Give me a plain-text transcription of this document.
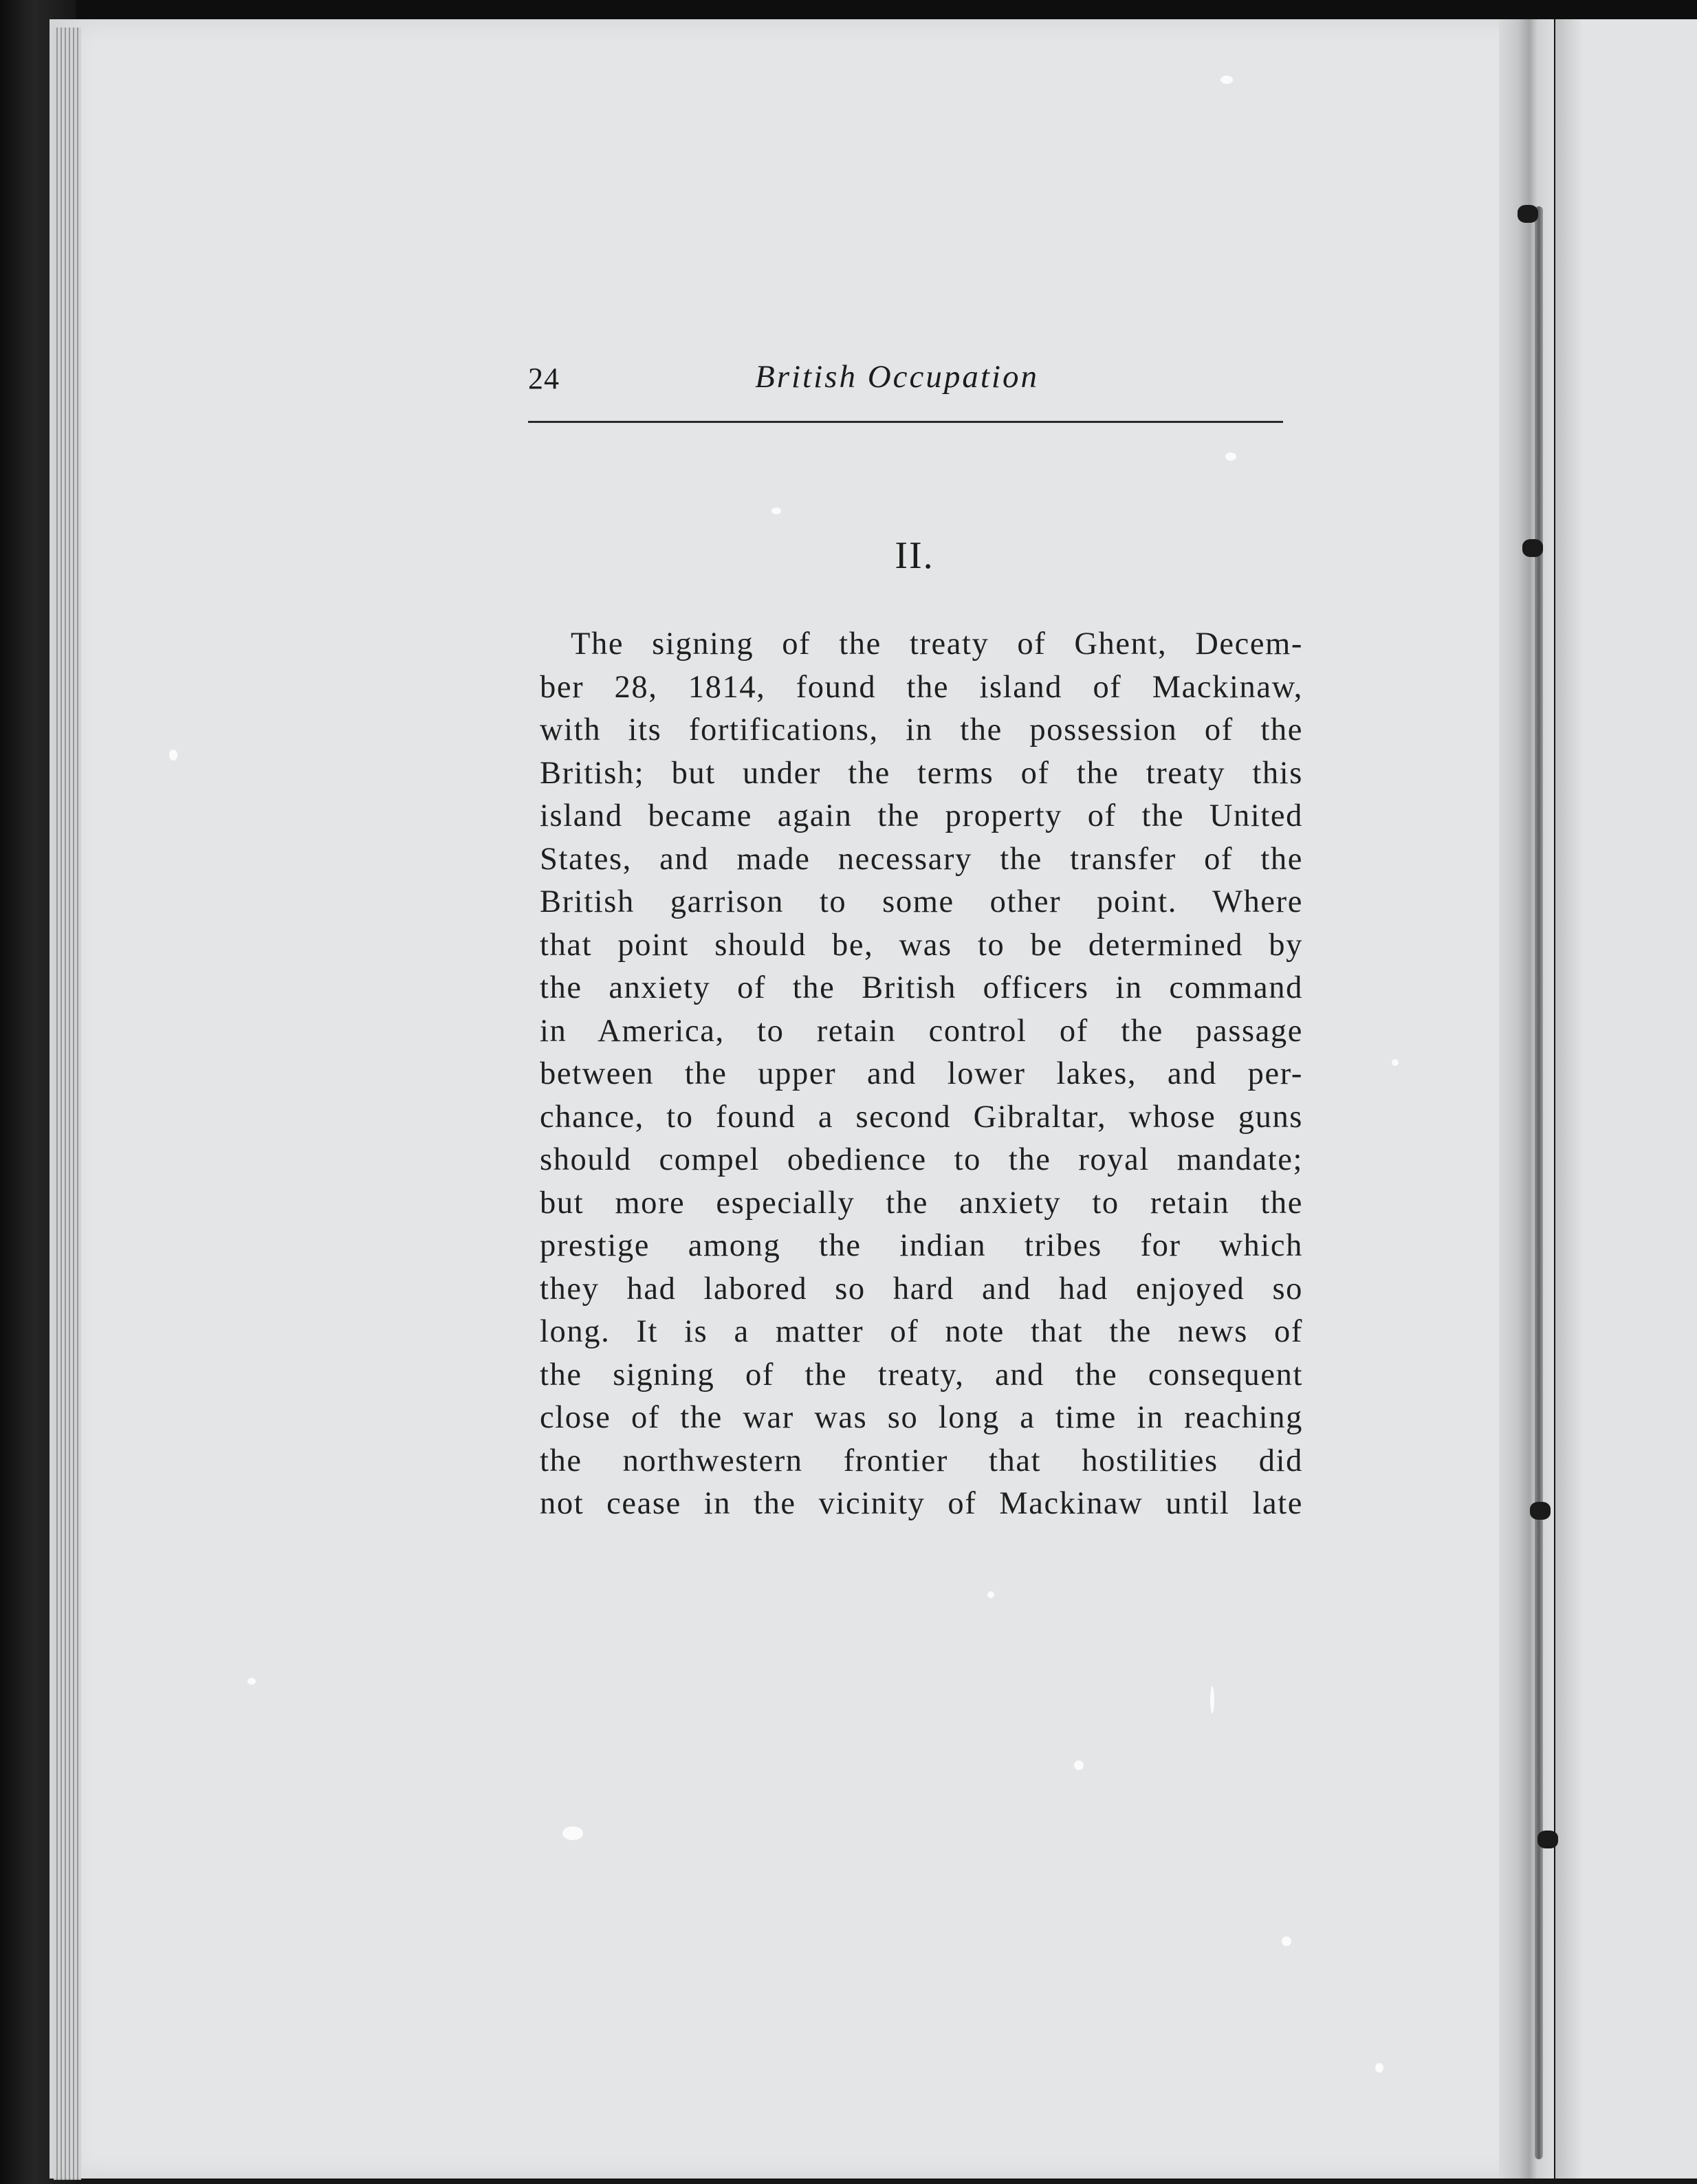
24	British Occupation
II.
The signing of the treaty of Ghent, Decem-
ber 28, 1814, found the island of Mackinaw,
with its fortifications, in the possession of the
British; but under the terms of the treaty this
island became again the property of the United
States, and made necessary the transfer of the
British garrison to some other point. Where
that point should be, was to be determined by
the anxiety of the British officers in command
in America, to retain control of the passage
between the upper and lower lakes, and per-
chance, to found a second Gibraltar, whose guns
should compel obedience to the royal mandate;
but more especially the anxiety to retain the
prestige among the indian tribes for which
they had labored so hard and had enjoyed so
long. It is a matter of note that the news of
the signing of the treaty, and the consequent
close of the war was so long a time in reaching
the northwestern frontier that hostilities did
not cease in the vicinity of Mackinaw until late
